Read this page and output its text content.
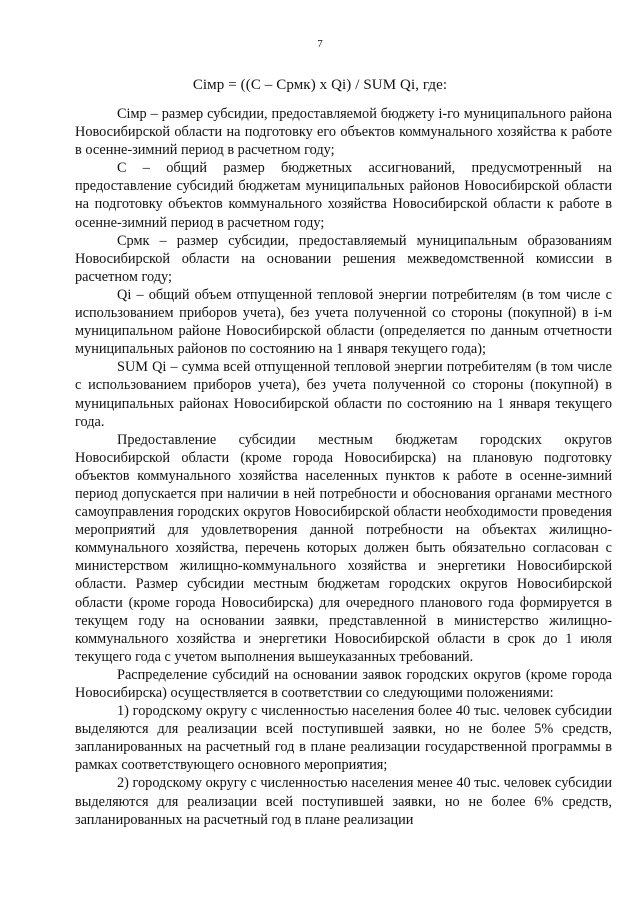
7
Сімр = ((С – Срмк) х Qi) / SUM Qi, где:

Сімр – размер субсидии, предоставляемой бюджету і-го муниципального района Новосибирской области на подготовку его объектов коммунального хозяйства к работе в осенне-зимний период в расчетном году;

С – общий размер бюджетных ассигнований, предусмотренный на предоставление субсидий бюджетам муниципальных районов Новосибирской области на подготовку объектов коммунального хозяйства Новосибирской области к работе в осенне-зимний период в расчетном году;

Срмк – размер субсидии, предоставляемый муниципальным образованиям Новосибирской области на основании решения межведомственной комиссии в расчетном году;

Qi – общий объем отпущенной тепловой энергии потребителям (в том числе с использованием приборов учета), без учета полученной со стороны (покупной) в і-м муниципальном районе Новосибирской области (определяется по данным отчетности муниципальных районов по состоянию на 1 января текущего года);

SUM Qi – сумма всей отпущенной тепловой энергии потребителям (в том числе с использованием приборов учета), без учета полученной со стороны (покупной) в муниципальных районах Новосибирской области по состоянию на 1 января текущего года.

Предоставление субсидии местным бюджетам городских округов Новосибирской области (кроме города Новосибирска) на плановую подготовку объектов коммунального хозяйства населенных пунктов к работе в осенне-зимний период допускается при наличии в ней потребности и обоснования органами местного самоуправления городских округов Новосибирской области необходимости проведения мероприятий для удовлетворения данной потребности на объектах жилищно-коммунального хозяйства, перечень которых должен быть обязательно согласован с министерством жилищно-коммунального хозяйства и энергетики Новосибирской области. Размер субсидии местным бюджетам городских округов Новосибирской области (кроме города Новосибирска) для очередного планового года формируется в текущем году на основании заявки, представленной в министерство жилищно-коммунального хозяйства и энергетики Новосибирской области в срок до 1 июля текущего года с учетом выполнения вышеуказанных требований.

Распределение субсидий на основании заявок городских округов (кроме города Новосибирска) осуществляется в соответствии со следующими положениями:

1) городскому округу с численностью населения более 40 тыс. человек субсидии выделяются для реализации всей поступившей заявки, но не более 5% средств, запланированных на расчетный год в плане реализации государственной программы в рамках соответствующего основного мероприятия;

2) городскому округу с численностью населения менее 40 тыс. человек субсидии выделяются для реализации всей поступившей заявки, но не более 6% средств, запланированных на расчетный год в плане реализации
